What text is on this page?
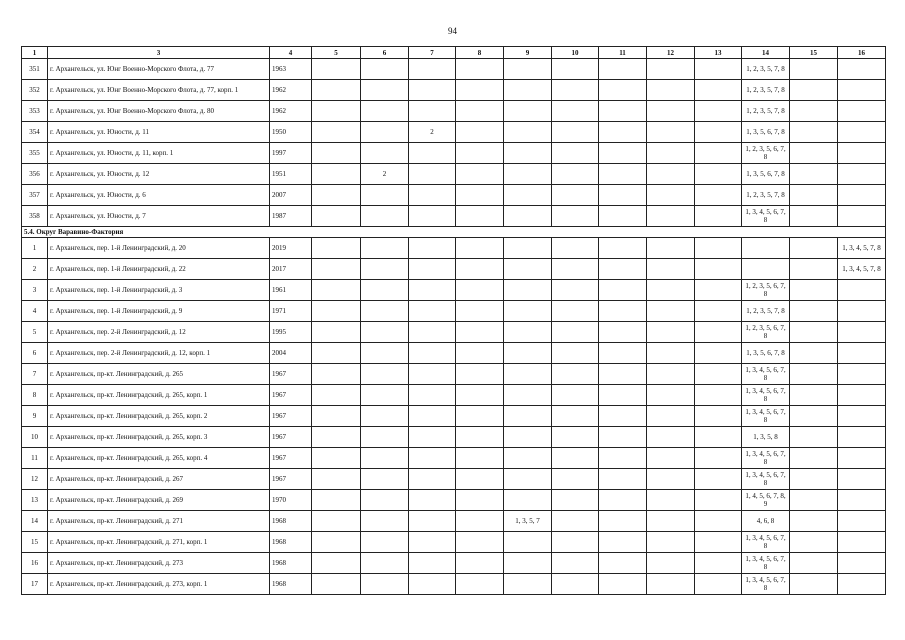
94
1	3	4	5	6	7	8	9	10	11	12	13	14	15	16
351	г. Архангельск, ул. Юнг Военно-Морского Флота, д. 77	1963										1, 2, 3, 5, 7, 8		
352	г. Архангельск, ул. Юнг Военно-Морского Флота, д. 77, корп. 1	1962										1, 2, 3, 5, 7, 8		
353	г. Архангельск, ул. Юнг Военно-Морского Флота, д. 80	1962										1, 2, 3, 5, 7, 8		
354	г. Архангельск, ул. Юности, д. 11	1950			2							1, 3, 5, 6, 7, 8		
355	г. Архангельск, ул. Юности, д. 11, корп. 1	1997										1, 2, 3, 5, 6, 7, 8		
356	г. Архангельск, ул. Юности, д. 12	1951		2								1, 3, 5, 6, 7, 8		
357	г. Архангельск, ул. Юности, д. 6	2007										1, 2, 3, 5, 7, 8		
358	г. Архангельск, ул. Юности, д. 7	1987										1, 3, 4, 5, 6, 7, 8		
5.4. Округ Варавино-Фактория														
1	г. Архангельск, пер. 1-й Ленинградский, д. 20	2019												1, 3, 4, 5, 7, 8
2	г. Архангельск, пер. 1-й Ленинградский, д. 22	2017												1, 3, 4, 5, 7, 8
3	г. Архангельск, пер. 1-й Ленинградский, д. 3	1961										1, 2, 3, 5, 6, 7, 8		
4	г. Архангельск, пер. 1-й Ленинградский, д. 9	1971										1, 2, 3, 5, 7, 8		
5	г. Архангельск, пер. 2-й Ленинградский, д. 12	1995										1, 2, 3, 5, 6, 7, 8		
6	г. Архангельск, пер. 2-й Ленинградский, д. 12, корп. 1	2004										1, 3, 5, 6, 7, 8		
7	г. Архангельск, пр-кт. Ленинградский, д. 265	1967										1, 3, 4, 5, 6, 7, 8		
8	г. Архангельск, пр-кт. Ленинградский, д. 265, корп. 1	1967										1, 3, 4, 5, 6, 7, 8		
9	г. Архангельск, пр-кт. Ленинградский, д. 265, корп. 2	1967										1, 3, 4, 5, 6, 7, 8		
10	г. Архангельск, пр-кт. Ленинградский, д. 265, корп. 3	1967										1, 3, 5, 8		
11	г. Архангельск, пр-кт. Ленинградский, д. 265, корп. 4	1967										1, 3, 4, 5, 6, 7, 8		
12	г. Архангельск, пр-кт. Ленинградский, д. 267	1967										1, 3, 4, 5, 6, 7, 8		
13	г. Архангельск, пр-кт. Ленинградский, д. 269	1970										1, 4, 5, 6, 7, 8, 9		
14	г. Архангельск, пр-кт. Ленинградский, д. 271	1968					1, 3, 5, 7					4, 6, 8		
15	г. Архангельск, пр-кт. Ленинградский, д. 271, корп. 1	1968										1, 3, 4, 5, 6, 7, 8		
16	г. Архангельск, пр-кт. Ленинградский, д. 273	1968										1, 3, 4, 5, 6, 7, 8		
17	г. Архангельск, пр-кт. Ленинградский, д. 273, корп. 1	1968										1, 3, 4, 5, 6, 7, 8		
